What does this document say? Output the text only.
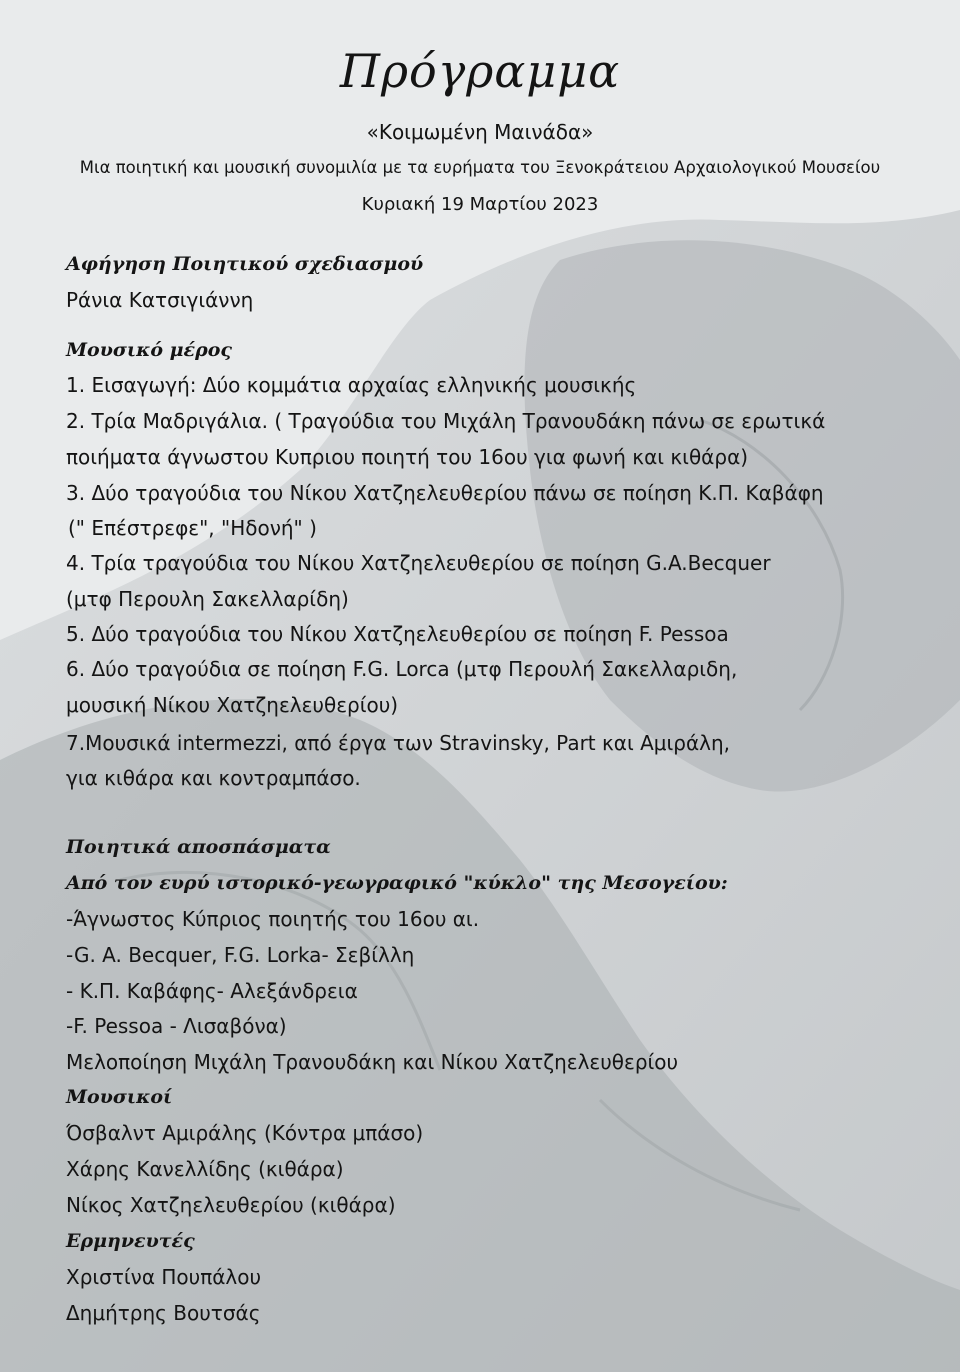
Πρόγραμμα
«Κοιμωμένη Μαινάδα»
Μια ποιητική και μουσική συνομιλία με τα ευρήματα του Ξενοκράτειου Αρχαιολογικού Μουσείου
Κυριακή 19 Μαρτίου 2023
Αφήγηση Ποιητικού σχεδιασμού
Ράνια Κατσιγιάννη
Μουσικό μέρος
1. Εισαγωγή: Δύο κομμάτια αρχαίας ελληνικής μουσικής
2. Τρία Μαδριγάλια. ( Τραγούδια του Μιχάλη Τρανουδάκη πάνω σε ερωτικά
ποιήματα άγνωστου Κυπριου ποιητή του 16ου για φωνή και κιθάρα)
3. Δύο τραγούδια του Νίκου Χατζηελευθερίου πάνω σε ποίηση Κ.Π. Καβάφη
(" Επέστρεφε", "Ηδονή" )
4. Τρία τραγούδια του Νίκου Χατζηελευθερίου σε ποίηση G.A.Becquer
(μτφ Περουλη Σακελλαρίδη)
5. Δύο τραγούδια του Νίκου Χατζηελευθερίου σε ποίηση F. Pessoa
6. Δύο τραγούδια σε ποίηση F.G. Lorca (μτφ Περουλή Σακελλαριδη,
μουσική Νίκου Χατζηελευθερίου)
7.Μουσικά intermezzi, από έργα των Stravinsky, Part και Αμιράλη,
για κιθάρα και κοντραμπάσο.
Ποιητικά αποσπάσματα
Από τον ευρύ ιστορικό-γεωγραφικό "κύκλο" της Μεσογείου:
-Άγνωστος Κύπριος ποιητής του 16ου αι.
-G. A. Becquer, F.G. Lorka- Σεβίλλη
- Κ.Π. Καβάφης- Αλεξάνδρεια
-F. Pessoa - Λισαβόνα)
Μελοποίηση Μιχάλη Τρανουδάκη και Νίκου Χατζηελευθερίου
Μουσικοί
Όσβαλντ Αμιράλης (Κόντρα μπάσο)
Χάρης Κανελλίδης (κιθάρα)
Νίκος Χατζηελευθερίου (κιθάρα)
Ερμηνευτές
Χριστίνα Πουπάλου
Δημήτρης Βουτσάς
